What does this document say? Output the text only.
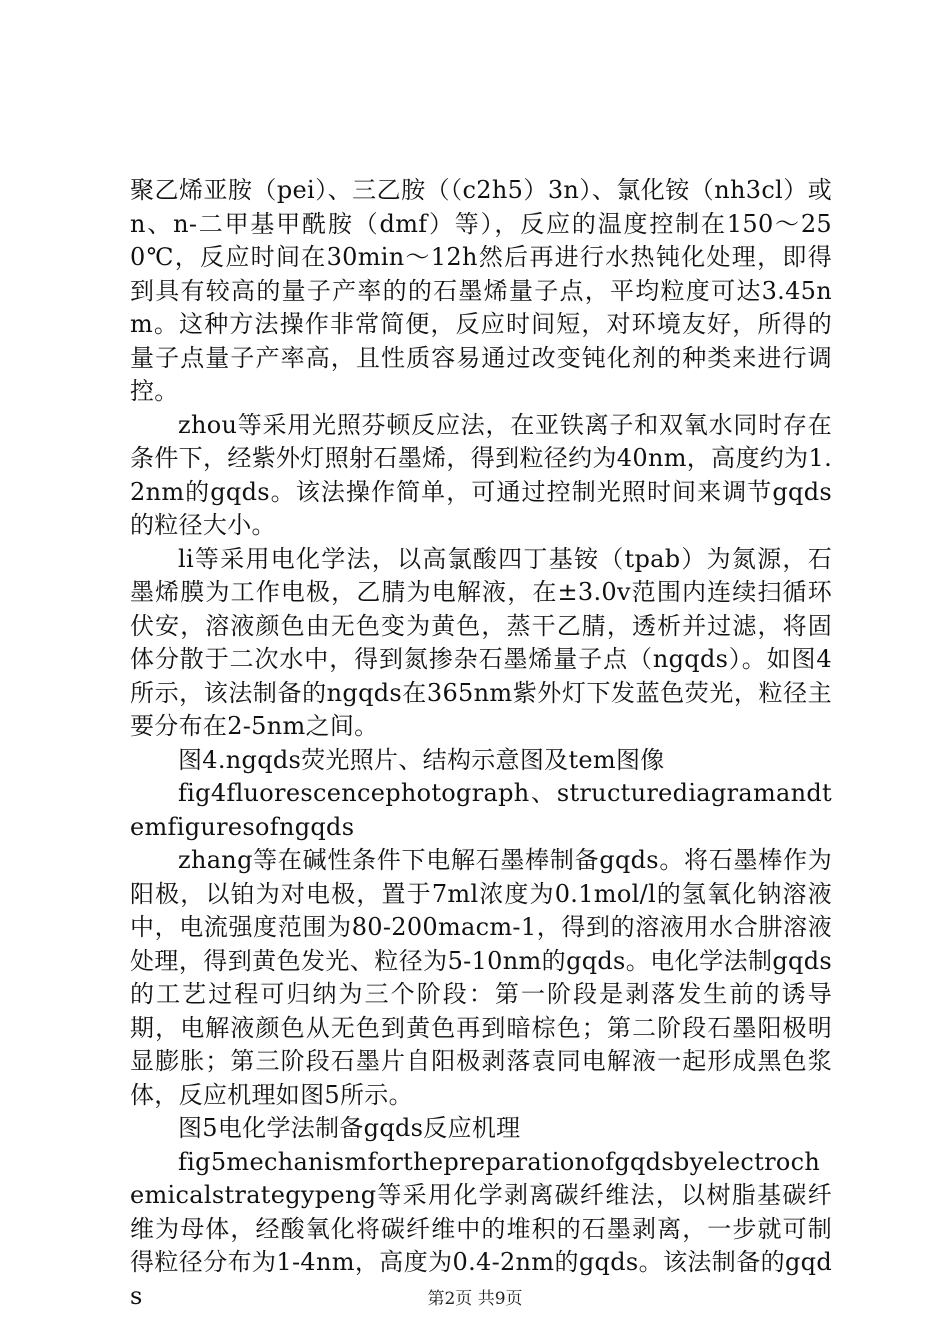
聚乙烯亚胺（pei）、三乙胺（（c2h5）3n）、氯化铵（nh3cl）或n、n-二甲基甲酰胺（dmf）等），反应的温度控制在150～250℃，反应时间在30min～12h然后再进行水热钝化处理，即得到具有较高的量子产率的的石墨烯量子点，平均粒度可达3.45nm。这种方法操作非常简便，反应时间短，对环境友好，所得的量子点量子产率高，且性质容易通过改变钝化剂的种类来进行调控。

zhou等采用光照芬顿反应法，在亚铁离子和双氧水同时存在条件下，经紫外灯照射石墨烯，得到粒径约为40nm，高度约为1.2nm的gqds。该法操作简单，可通过控制光照时间来调节gqds的粒径大小。

li等采用电化学法，以高氯酸四丁基铵（tpab）为氮源，石墨烯膜为工作电极，乙腈为电解液，在±3.0v范围内连续扫循环伏安，溶液颜色由无色变为黄色，蒸干乙腈，透析并过滤，将固体分散于二次水中，得到氮掺杂石墨烯量子点（ngqds）。如图4所示，该法制备的ngqds在365nm紫外灯下发蓝色荧光，粒径主要分布在2-5nm之间。

图4.ngqds荧光照片、结构示意图及tem图像

fig4fluorescencephotograph、structurediagramandtemfiguresofngqds

zhang等在碱性条件下电解石墨棒制备gqds。将石墨棒作为阳极，以铂为对电极，置于7ml浓度为0.1mol/l的氢氧化钠溶液中，电流强度范围为80-200macm-1，得到的溶液用水合肼溶液处理，得到黄色发光、粒径为5-10nm的gqds。电化学法制gqds的工艺过程可归纳为三个阶段：第一阶段是剥落发生前的诱导期，电解液颜色从无色到黄色再到暗棕色；第二阶段石墨阳极明显膨胀；第三阶段石墨片自阳极剥落袁同电解液一起形成黑色浆体，反应机理如图5所示。

图5电化学法制备gqds反应机理

fig5mechanismforthepreparationofgqdsbyelectrochemicalstrategypeng等采用化学剥离碳纤维法，以树脂基碳纤维为母体，经酸氧化将碳纤维中的堆积的石墨剥离，一步就可制得粒径分布为1-4nm，高度为0.4-2nm的gqds。该法制备的gqds	第2页 共9页
